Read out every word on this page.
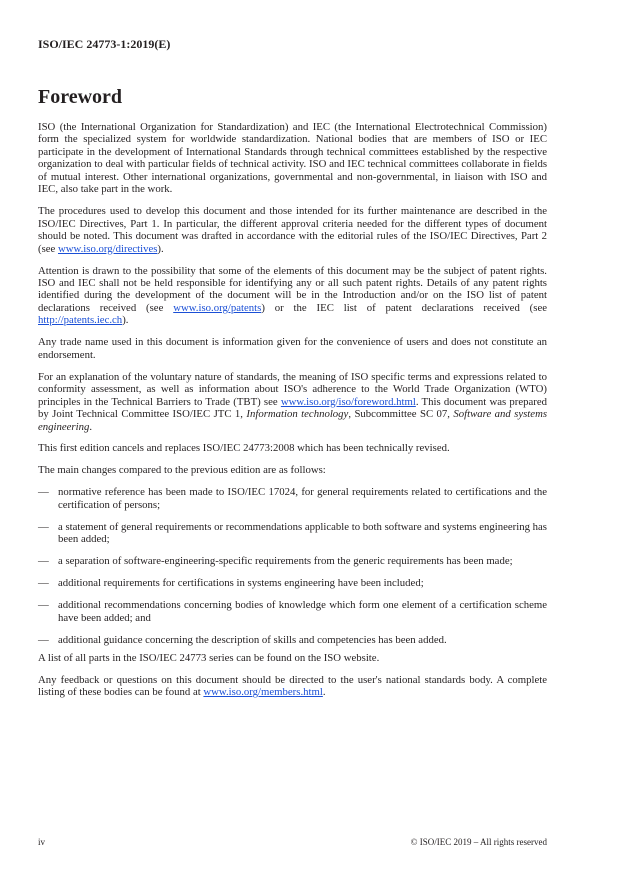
ISO/IEC 24773-1:2019(E)
Foreword

ISO (the International Organization for Standardization) and IEC (the International Electrotechnical Commission) form the specialized system for worldwide standardization. National bodies that are members of ISO or IEC participate in the development of International Standards through technical committees established by the respective organization to deal with particular fields of technical activity. ISO and IEC technical committees collaborate in fields of mutual interest. Other international organizations, governmental and non-governmental, in liaison with ISO and IEC, also take part in the work.

The procedures used to develop this document and those intended for its further maintenance are described in the ISO/IEC Directives, Part 1. In particular, the different approval criteria needed for the different types of document should be noted. This document was drafted in accordance with the editorial rules of the ISO/IEC Directives, Part 2 (see www.iso.org/directives).

Attention is drawn to the possibility that some of the elements of this document may be the subject of patent rights. ISO and IEC shall not be held responsible for identifying any or all such patent rights. Details of any patent rights identified during the development of the document will be in the Introduction and/or on the ISO list of patent declarations received (see www.iso.org/patents) or the IEC list of patent declarations received (see http://patents.iec.ch).

Any trade name used in this document is information given for the convenience of users and does not constitute an endorsement.

For an explanation of the voluntary nature of standards, the meaning of ISO specific terms and expressions related to conformity assessment, as well as information about ISO's adherence to the World Trade Organization (WTO) principles in the Technical Barriers to Trade (TBT) see www.iso.org/iso/foreword.html. This document was prepared by Joint Technical Committee ISO/IEC JTC 1, Information technology, Subcommittee SC 07, Software and systems engineering.

This first edition cancels and replaces ISO/IEC 24773:2008 which has been technically revised.

The main changes compared to the previous edition are as follows:

— normative reference has been made to ISO/IEC 17024, for general requirements related to certifications and the certification of persons;
— a statement of general requirements or recommendations applicable to both software and systems engineering has been added;
— a separation of software-engineering-specific requirements from the generic requirements has been made;
— additional requirements for certifications in systems engineering have been included;
— additional recommendations concerning bodies of knowledge which form one element of a certification scheme have been added; and
— additional guidance concerning the description of skills and competencies has been added.

A list of all parts in the ISO/IEC 24773 series can be found on the ISO website.

Any feedback or questions on this document should be directed to the user's national standards body. A complete listing of these bodies can be found at www.iso.org/members.html.

iv	© ISO/IEC 2019 – All rights reserved
